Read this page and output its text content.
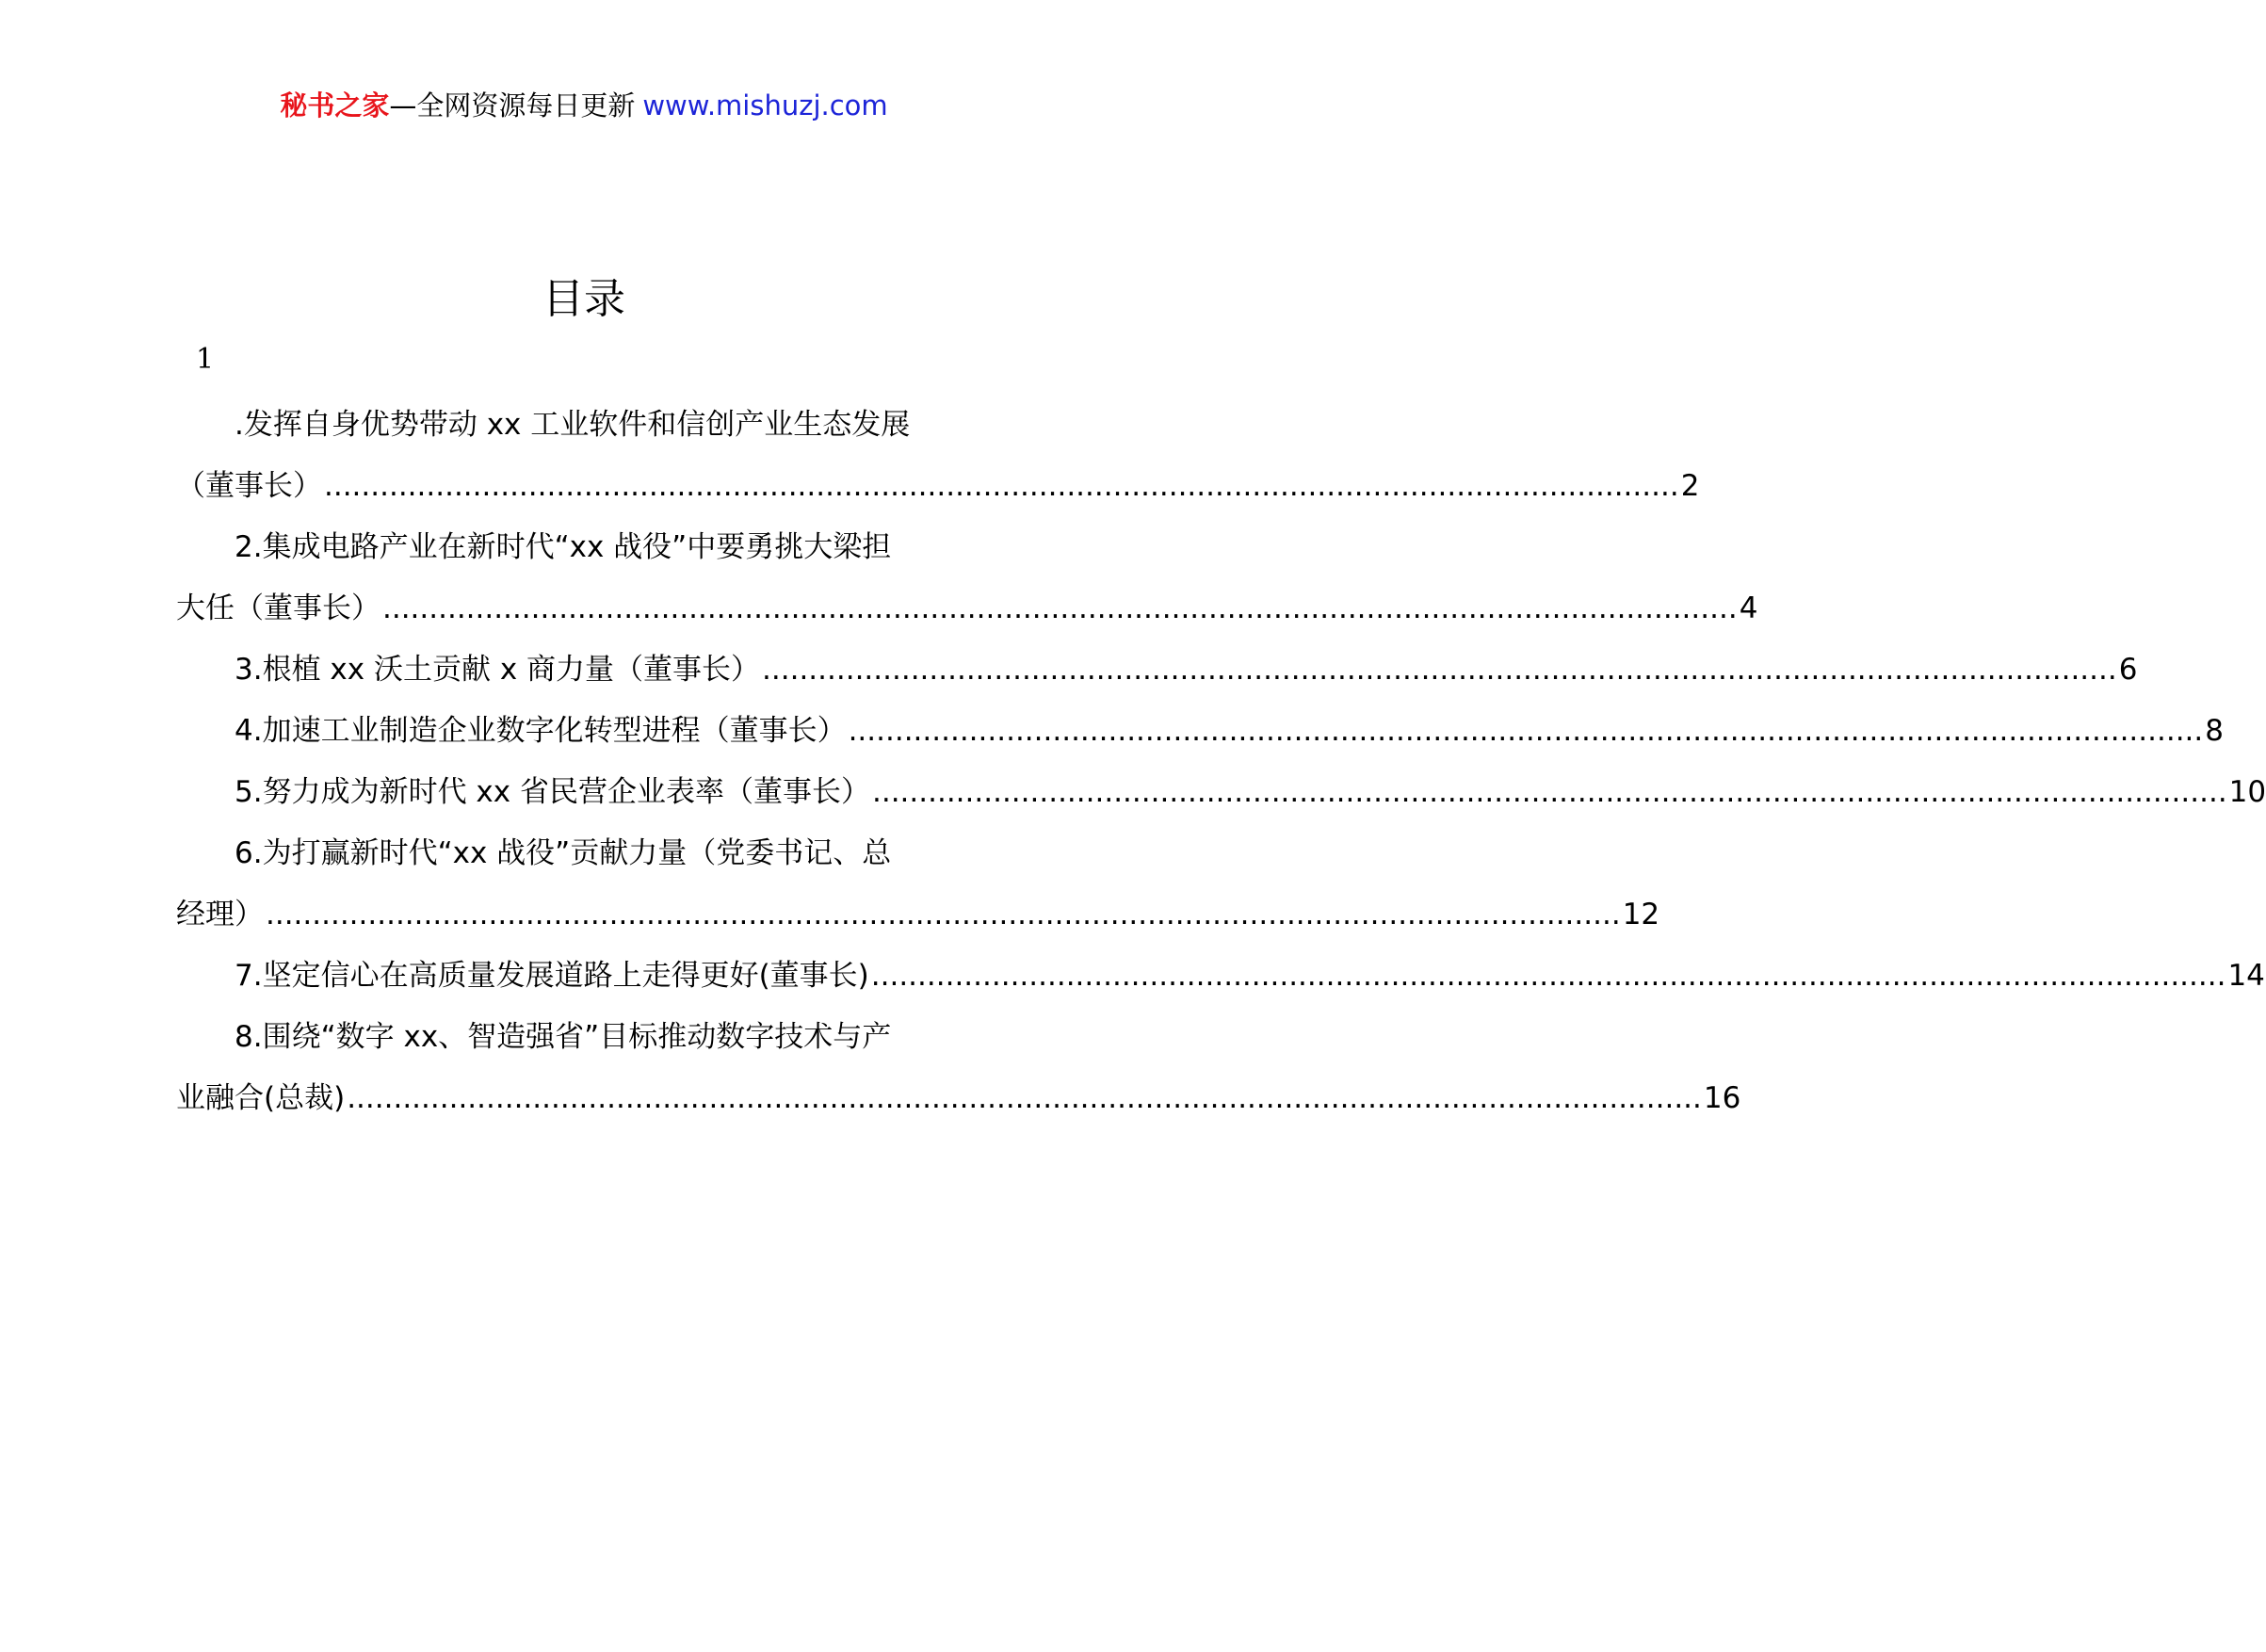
秘书之家—全网资源每日更新 www.mishuzj.com
目录
1
.发挥自身优势带动 xx 工业软件和信创产业生态发展
（董事长） .................................................................................................................................................. 2
2.集成电路产业在新时代“xx 战役”中要勇挑大梁担
大任（董事长） .................................................................................................................................................. 4
3.根植 xx 沃土贡献 x 商力量（董事长） .................................................................................................................................................. 6
4.加速工业制造企业数字化转型进程（董事长） .................................................................................................................................................. 8
5.努力成为新时代 xx 省民营企业表率（董事长） .................................................................................................................................................. 10
6.为打赢新时代“xx 战役”贡献力量（党委书记、总
经理） .................................................................................................................................................. 12
7.坚定信心在高质量发展道路上走得更好(董事长) .................................................................................................................................................. 14
8.围绕“数字 xx、智造强省”目标推动数字技术与产
业融合(总裁) .................................................................................................................................................. 16
